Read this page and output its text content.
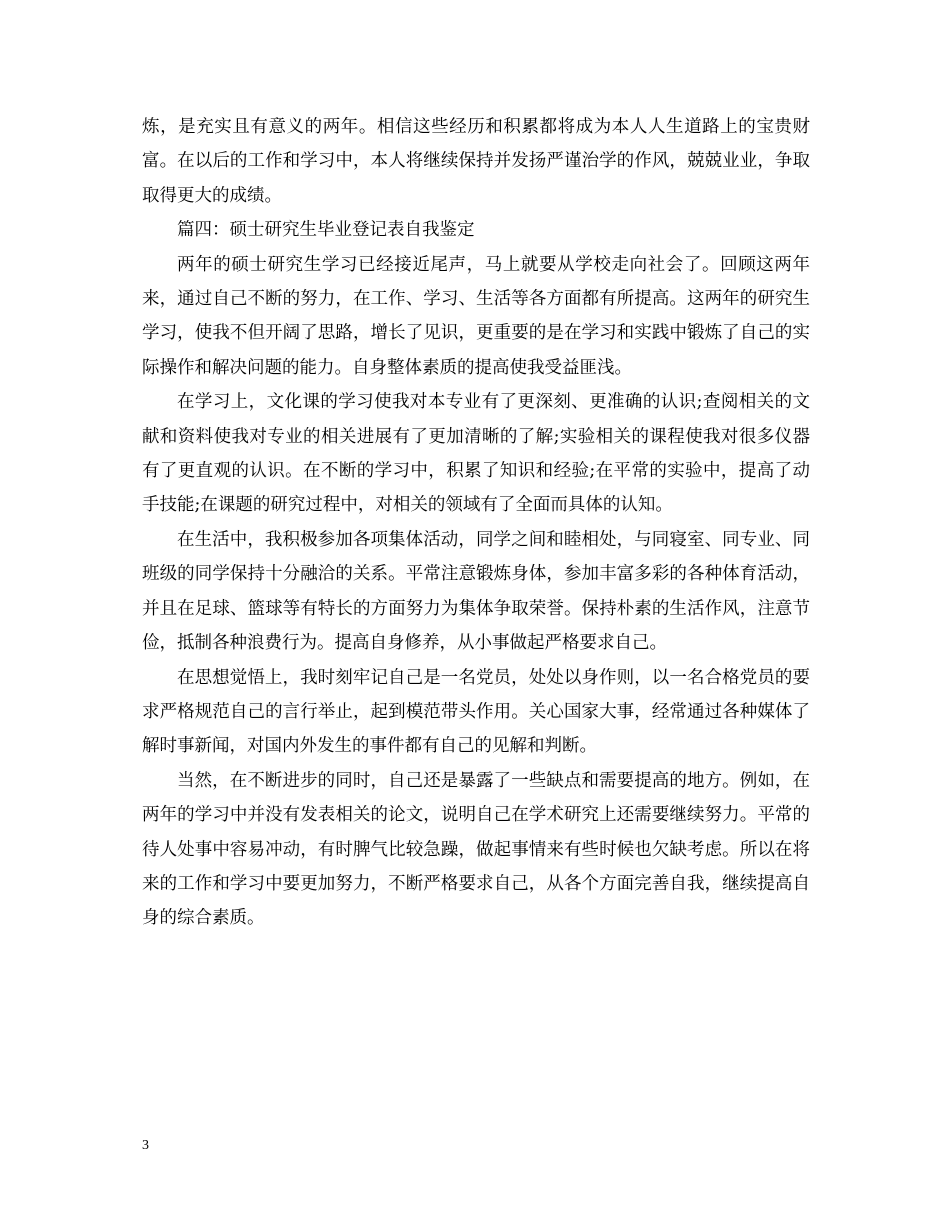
炼，是充实且有意义的两年。相信这些经历和积累都将成为本人人生道路上的宝贵财富。在以后的工作和学习中，本人将继续保持并发扬严谨治学的作风，兢兢业业，争取取得更大的成绩。

篇四：硕士研究生毕业登记表自我鉴定

两年的硕士研究生学习已经接近尾声，马上就要从学校走向社会了。回顾这两年来，通过自己不断的努力，在工作、学习、生活等各方面都有所提高。这两年的研究生学习，使我不但开阔了思路，增长了见识，更重要的是在学习和实践中锻炼了自己的实际操作和解决问题的能力。自身整体素质的提高使我受益匪浅。

在学习上，文化课的学习使我对本专业有了更深刻、更准确的认识;查阅相关的文献和资料使我对专业的相关进展有了更加清晰的了解;实验相关的课程使我对很多仪器有了更直观的认识。在不断的学习中，积累了知识和经验;在平常的实验中，提高了动手技能;在课题的研究过程中，对相关的领域有了全面而具体的认知。

在生活中，我积极参加各项集体活动，同学之间和睦相处，与同寝室、同专业、同班级的同学保持十分融洽的关系。平常注意锻炼身体，参加丰富多彩的各种体育活动，并且在足球、篮球等有特长的方面努力为集体争取荣誉。保持朴素的生活作风，注意节俭，抵制各种浪费行为。提高自身修养，从小事做起严格要求自己。

在思想觉悟上，我时刻牢记自己是一名党员，处处以身作则，以一名合格党员的要求严格规范自己的言行举止，起到模范带头作用。关心国家大事，经常通过各种媒体了解时事新闻，对国内外发生的事件都有自己的见解和判断。

当然，在不断进步的同时，自己还是暴露了一些缺点和需要提高的地方。例如，在两年的学习中并没有发表相关的论文，说明自己在学术研究上还需要继续努力。平常的待人处事中容易冲动，有时脾气比较急躁，做起事情来有些时候也欠缺考虑。所以在将来的工作和学习中要更加努力，不断严格要求自己，从各个方面完善自我，继续提高自身的综合素质。

3
